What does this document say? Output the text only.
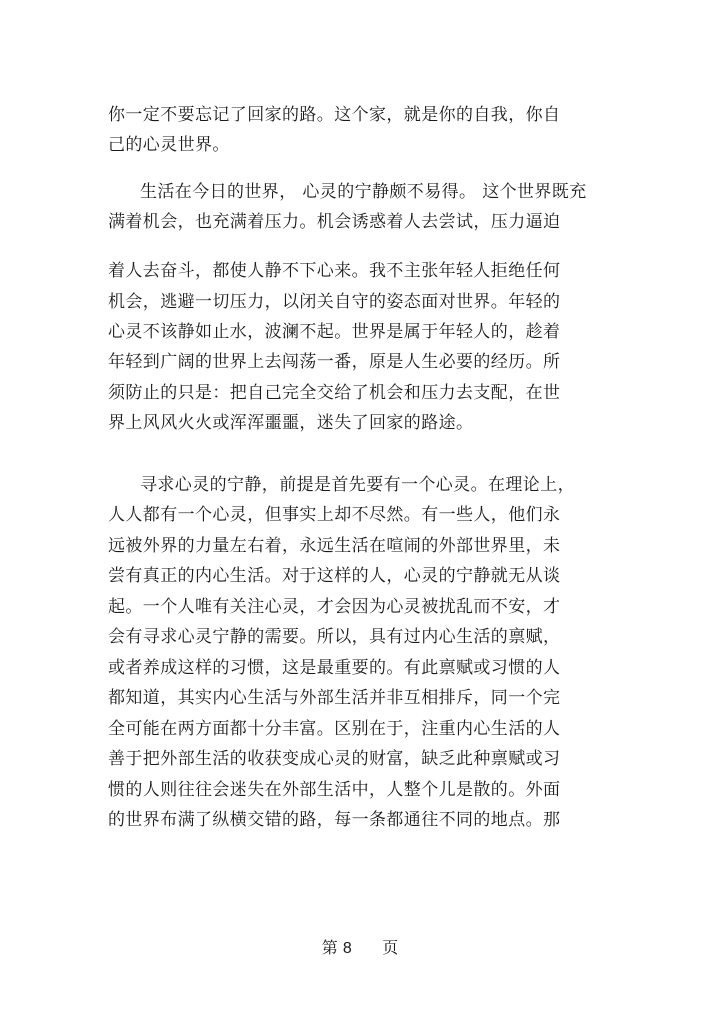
你一定不要忘记了回家的路。这个家，就是你的自我，你自
己的心灵世界。
生活在今日的世界， 心灵的宁静颇不易得。 这个世界既充
满着机会，也充满着压力。机会诱惑着人去尝试，压力逼迫
着人去奋斗，都使人静不下心来。我不主张年轻人拒绝任何
机会，逃避一切压力，以闭关自守的姿态面对世界。年轻的
心灵不该静如止水，波澜不起。世界是属于年轻人的，趁着
年轻到广阔的世界上去闯荡一番，原是人生必要的经历。所
须防止的只是：把自己完全交给了机会和压力去支配，在世
界上风风火火或浑浑噩噩，迷失了回家的路途。
寻求心灵的宁静，前提是首先要有一个心灵。在理论上，
人人都有一个心灵，但事实上却不尽然。有一些人，他们永
远被外界的力量左右着，永远生活在喧闹的外部世界里，未
尝有真正的内心生活。对于这样的人，心灵的宁静就无从谈
起。一个人唯有关注心灵，才会因为心灵被扰乱而不安，才
会有寻求心灵宁静的需要。所以，具有过内心生活的禀赋，
或者养成这样的习惯，这是最重要的。有此禀赋或习惯的人
都知道，其实内心生活与外部生活并非互相排斥，同一个完
全可能在两方面都十分丰富。区别在于，注重内心生活的人
善于把外部生活的收获变成心灵的财富，缺乏此种禀赋或习
惯的人则往往会迷失在外部生活中，人整个儿是散的。外面
的世界布满了纵横交错的路，每一条都通往不同的地点。那
第 8 页
